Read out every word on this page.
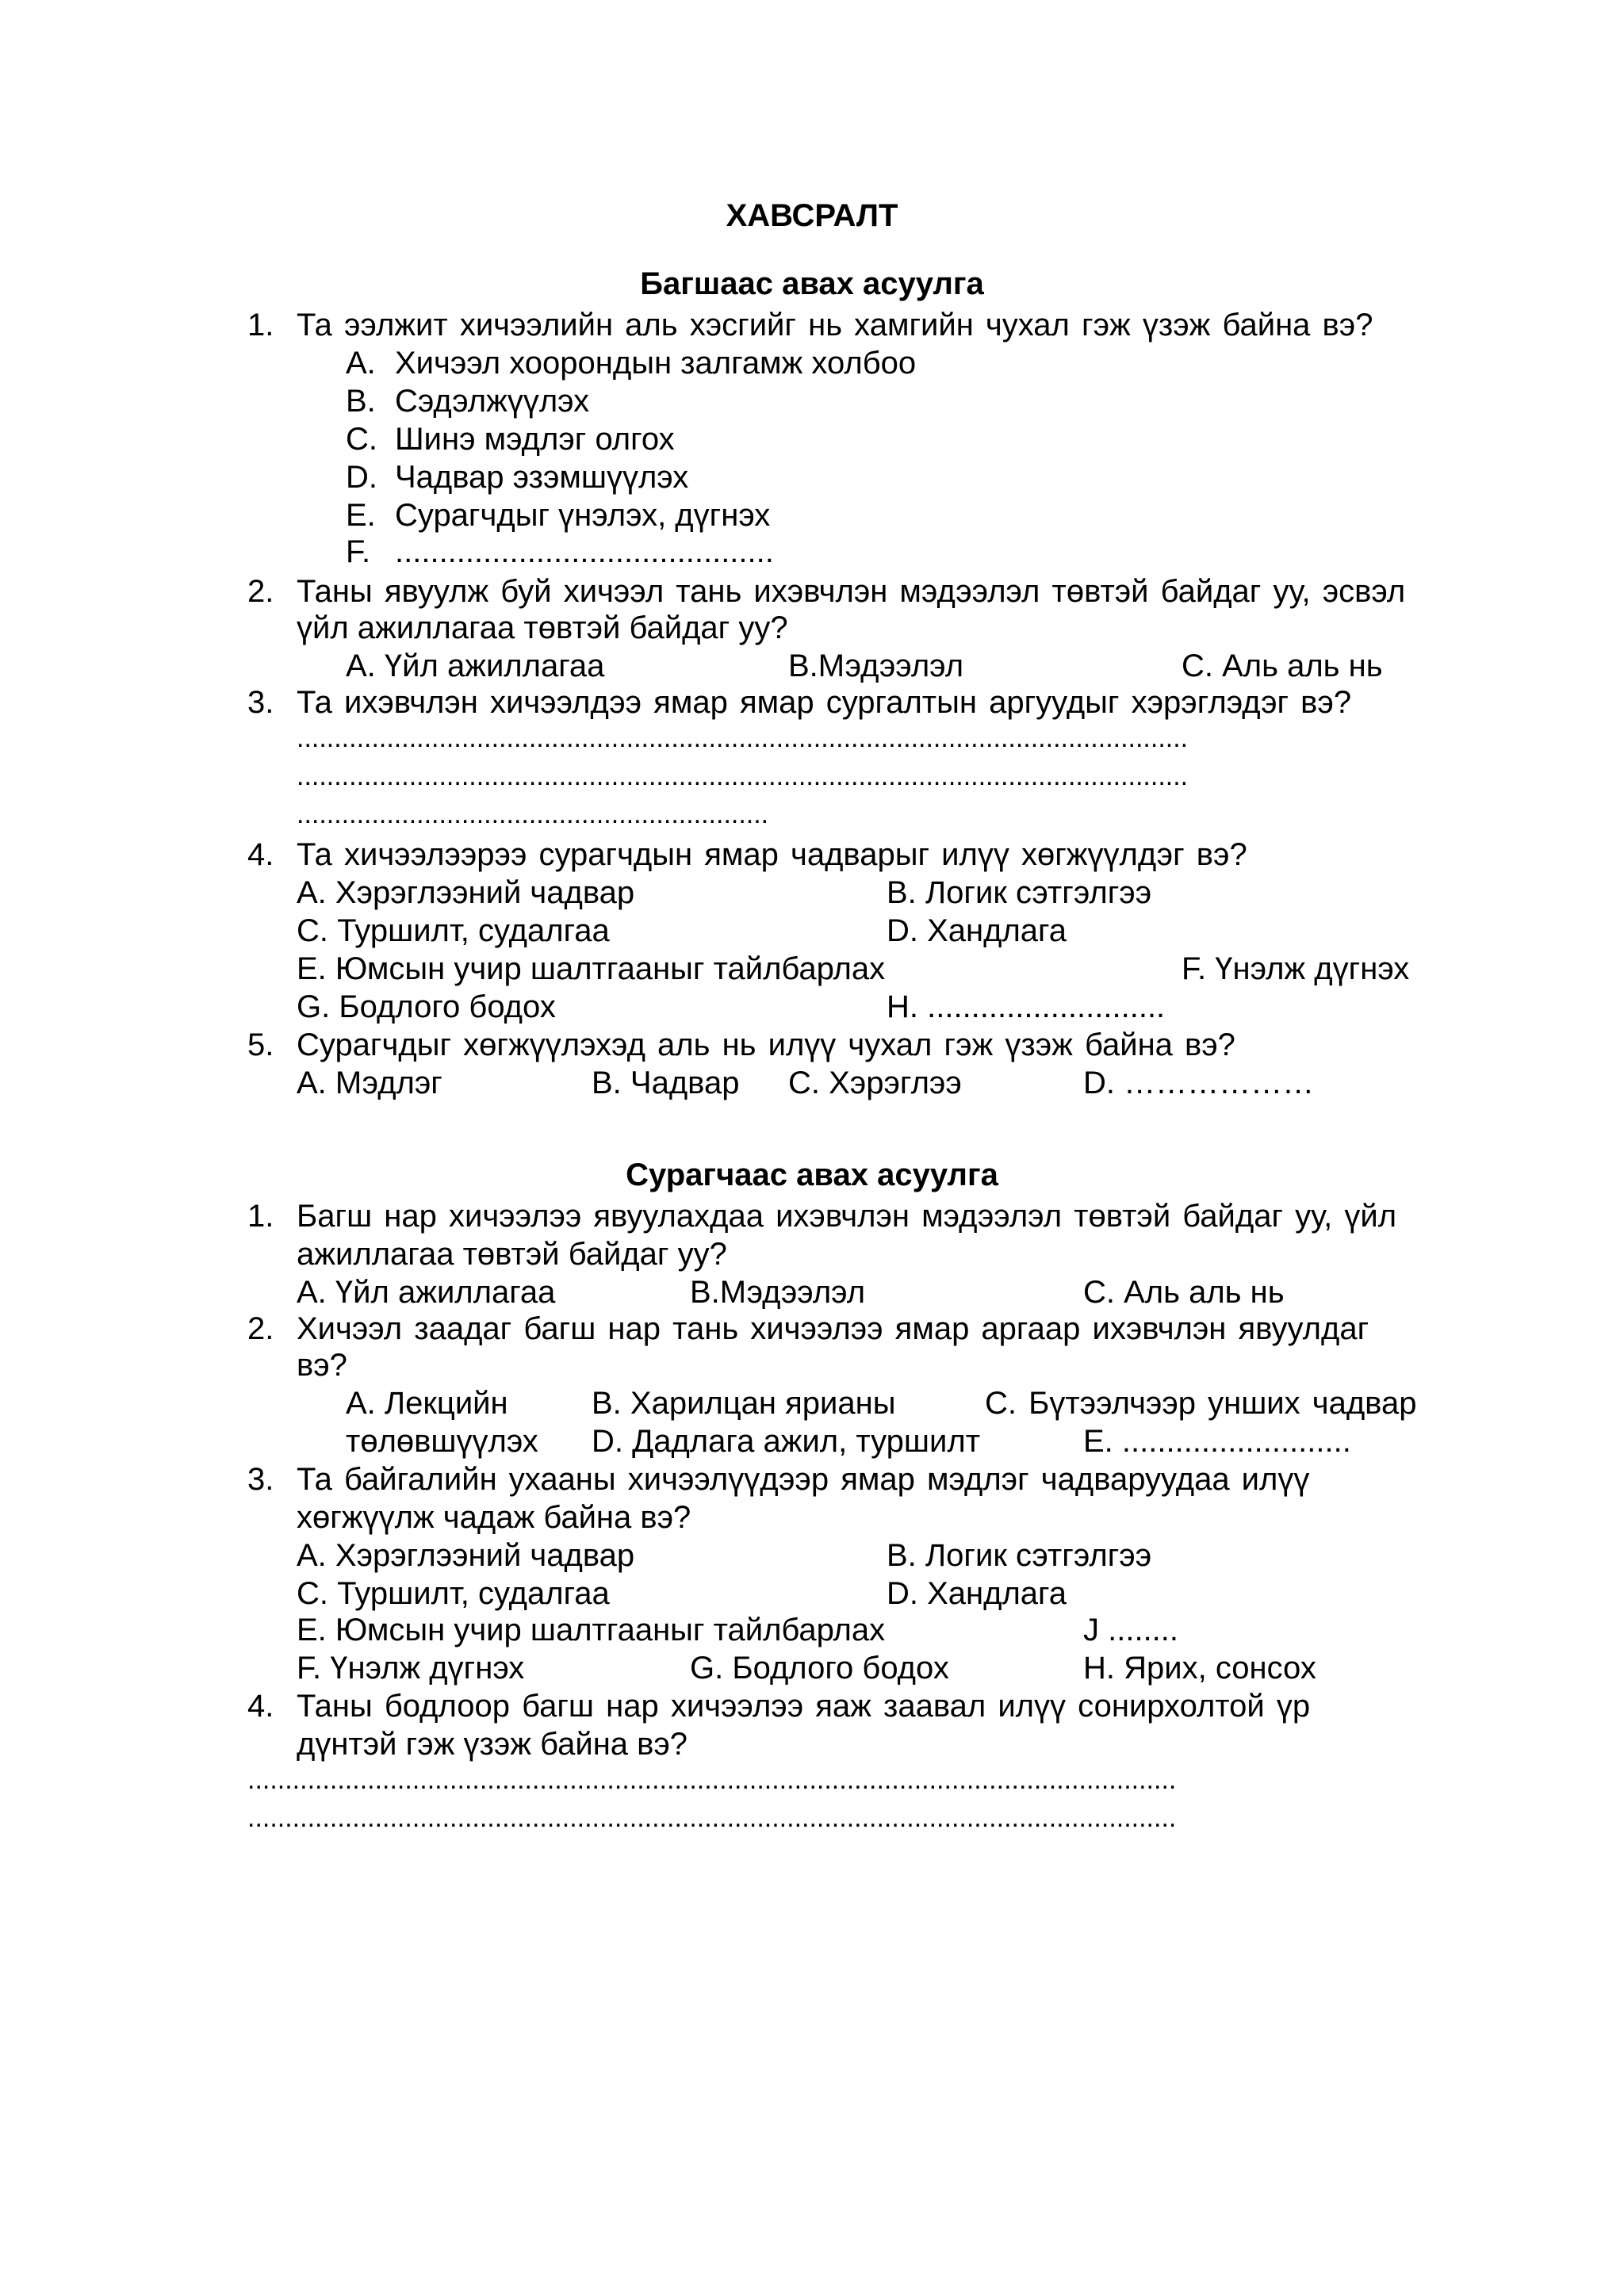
ХАВСРАЛТ
Багшаас авах асуулга
1. Та ээлжит хичээлийн аль хэсгийг нь хамгийн чухал гэж үзэж байна вэ?
A. Хичээл хоорондын залгамж холбоо
B. Сэдэлжүүлэх
C. Шинэ мэдлэг олгох
D. Чадвар эзэмшүүлэх
E. Сурагчдыг үнэлэх, дүгнэх
F. ...........................................
2. Таны явуулж буй хичээл тань ихэвчлэн мэдээлэл төвтэй байдаг уу, эсвэл
үйл ажиллагаа төвтэй байдаг уу?
A. Үйл ажиллагаа	B.Мэдээлэл	C. Аль аль нь
3. Та ихэвчлэн хичээлдээ ямар ямар сургалтын аргуудыг хэрэглэдэг вэ?
.......................................................................................................................
.......................................................................................................................
...............................................................
4. Та хичээлээрээ сурагчдын ямар чадварыг илүү хөгжүүлдэг вэ?
A. Хэрэглээний чадвар	B. Логик сэтгэлгээ
C. Туршилт, судалгаа	D. Хандлага
E. Юмсын учир шалтгааныг тайлбарлах	F. Үнэлж дүгнэх
G. Бодлого бодох	H. ...........................
5. Сурагчдыг хөгжүүлэхэд аль нь илүү чухал гэж үзэж байна вэ?
A. Мэдлэг	B. Чадвар C. Хэрэглээ	D. ………………
Сурагчаас авах асуулга
1. Багш нар хичээлээ явуулахдаа ихэвчлэн мэдээлэл төвтэй байдаг уу, үйл
ажиллагаа төвтэй байдаг уу?
A. Үйл ажиллагаа	B.Мэдээлэл	C. Аль аль нь
2. Хичээл заадаг багш нар тань хичээлээ ямар аргаар ихэвчлэн явуулдаг
вэ?
A. Лекцийн	B. Харилцан ярианы	C. Бүтээлчээр унших чадвар
төлөвшүүлэх D. Дадлага ажил, туршилт	E. ..........................
3. Та байгалийн ухааны хичээлүүдээр ямар мэдлэг чадваруудаа илүү
хөгжүүлж чадаж байна вэ?
A. Хэрэглээний чадвар	B. Логик сэтгэлгээ
C. Туршилт, судалгаа	D. Хандлага
E. Юмсын учир шалтгааныг тайлбарлах	J ........
F. Үнэлж дүгнэх	G. Бодлого бодох	H. Ярих, сонсох
4. Таны бодлоор багш нар хичээлээ яаж заавал илүү сонирхолтой үр
дүнтэй гэж үзэж байна вэ?
............................................................................................................................
............................................................................................................................
